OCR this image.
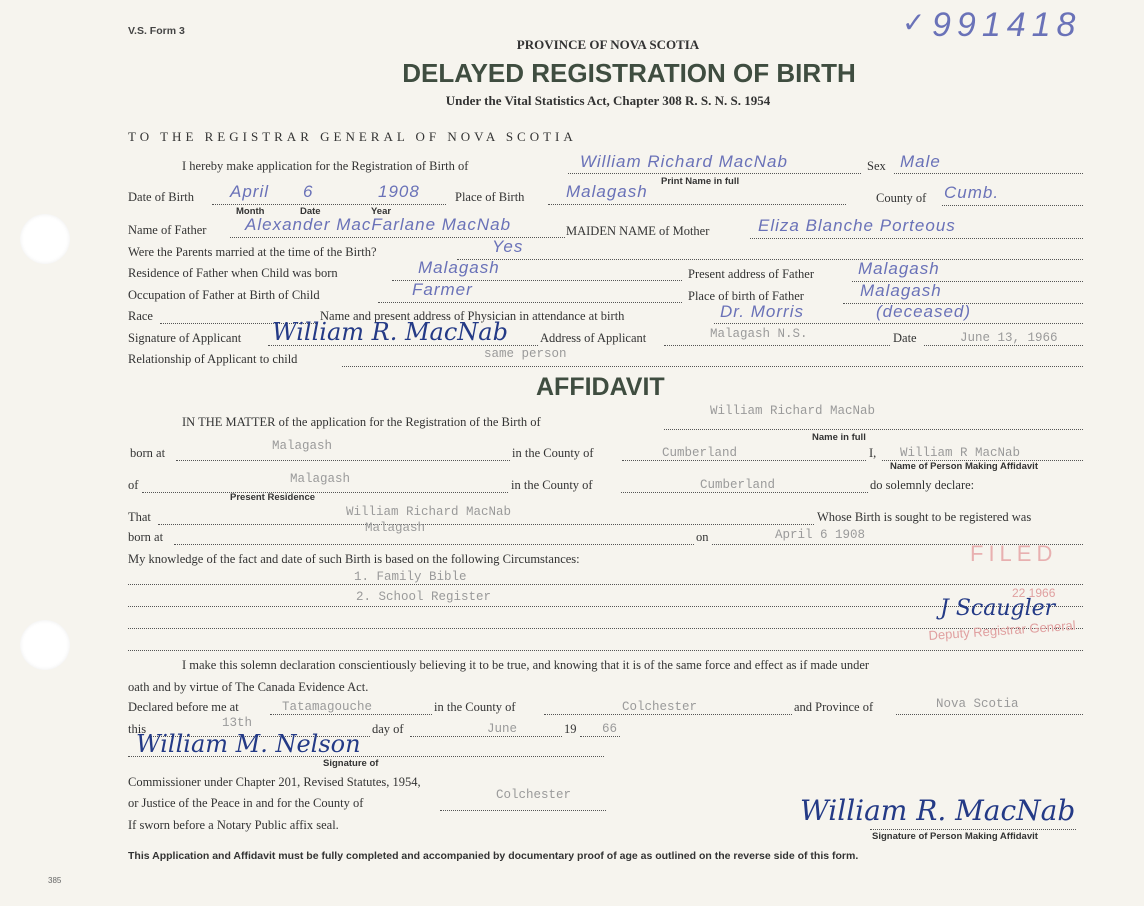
V.S. Form 3	991418
✓
PROVINCE OF NOVA SCOTIA
DELAYED REGISTRATION OF BIRTH
Under the Vital Statistics Act, Chapter 308 R. S. N. S. 1954
TO THE REGISTRAR GENERAL OF NOVA SCOTIA
I hereby make application for the Registration of Birth of	William Richard MacNab	Sex Male
Print Name in full
Date of Birth April 6	1908	Place of Birth Malagash	County of Cumb.
Month	Date	Year
Name of Father Alexander MacFarlane MacNab	MAIDEN NAME of Mother	Eliza Blanche Porteous
Were the Parents married at the time of the Birth?	Yes
Residence of Father when Child was born	Malagash	Present address of Father	Malagash
Occupation of Father at Birth of Child	Farmer	Place of birth of Father	Malagash
Race	Name and present address of Physician in attendance at birth	Dr. Morris	(deceased)
Signature of Applicant William R. MacNab	Address of Applicant	Malagash N.S.	Date	June 13, 1966
Relationship of Applicant to child	same person
AFFIDAVIT
IN THE MATTER of the application for the Registration of the Birth of
William Richard MacNab
Name in full
born at	Malagash	in the County of	Cumberland	I, William R MacNab
Name of Person Making Affidavit
of	Malagash
Present Residence
in the County of	Cumberland	do solemnly declare:
That	William Richard MacNab	Whose Birth is sought to be registered was
born at
Malagash
on	April 6 1908
My knowledge of the fact and date of such Birth is based on the following Circumstances:	FILED
1. Family Bible
2. School Register	22 1966
J Scaugler
Deputy Registrar General
I make this solemn declaration conscientiously believing it to be true, and knowing that it is of the same force and effect as if made under
oath and by virtue of The Canada Evidence Act.
Declared before me at	Tatamagouche	in the County of	Colchester	and Province of	Nova Scotia
this	13th	day of	June	19 66
William M. Nelson
Signature of
Commissioner under Chapter 201, Revised Statutes, 1954,
or Justice of the Peace in and for the County of
Colchester
If sworn before a Notary Public affix seal.	William R. MacNab
Signature of Person Making Affidavit
This Application and Affidavit must be fully completed and accompanied by documentary proof of age as outlined on the reverse side of this form.
385
